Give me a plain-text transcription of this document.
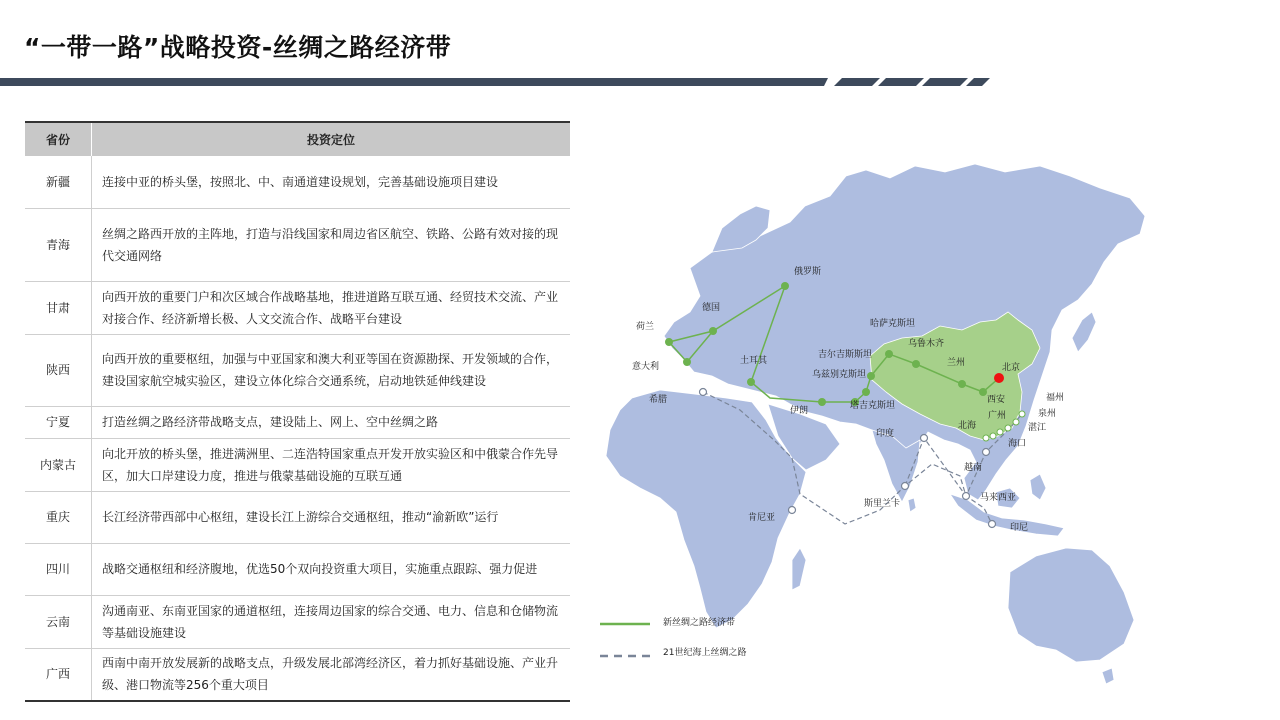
“一带一路”战略投资-丝绸之路经济带
省份	投资定位
新疆	连接中亚的桥头堡，按照北、中、南通道建设规划，完善基础设施项目建设
青海	丝绸之路西开放的主阵地，打造与沿线国家和周边省区航空、铁路、公路有效对接的现代交通网络
甘肃	向西开放的重要门户和次区域合作战略基地，推进道路互联互通、经贸技术交流、产业对接合作、经济新增长极、人文交流合作、战略平台建设
陕西	向西开放的重要枢纽，加强与中亚国家和澳大利亚等国在资源勘探、开发领域的合作，建设国家航空城实验区，建设立体化综合交通系统，启动地铁延伸线建设
宁夏	打造丝绸之路经济带战略支点，建设陆上、网上、空中丝绸之路
内蒙古	向北开放的桥头堡，推进满洲里、二连浩特国家重点开发开放实验区和中俄蒙合作先导区，加大口岸建设力度，推进与俄蒙基础设施的互联互通
重庆	长江经济带西部中心枢纽，建设长江上游综合交通枢纽，推动“渝新欧”运行
四川	战略交通枢纽和经济腹地，优选50个双向投资重大项目，实施重点跟踪、强力促进
云南	沟通南亚、东南亚国家的通道枢纽，连接周边国家的综合交通、电力、信息和仓储物流等基础设施建设
广西	西南中南开放发展新的战略支点，升级发展北部湾经济区，着力抓好基础设施、产业升级、港口物流等256个重大项目
俄罗斯
德国
荷兰
意大利
希腊
土耳其
伊朗
哈萨克斯坦
吉尔吉斯斯坦
乌兹别克斯坦
塔吉克斯坦
乌鲁木齐
兰州	北京
西安
广州
北海
福州
泉州
湛江
海口
印度
越南
斯里兰卡
马来西亚
肯尼亚
印尼
新丝绸之路经济带
21世纪海上丝绸之路
